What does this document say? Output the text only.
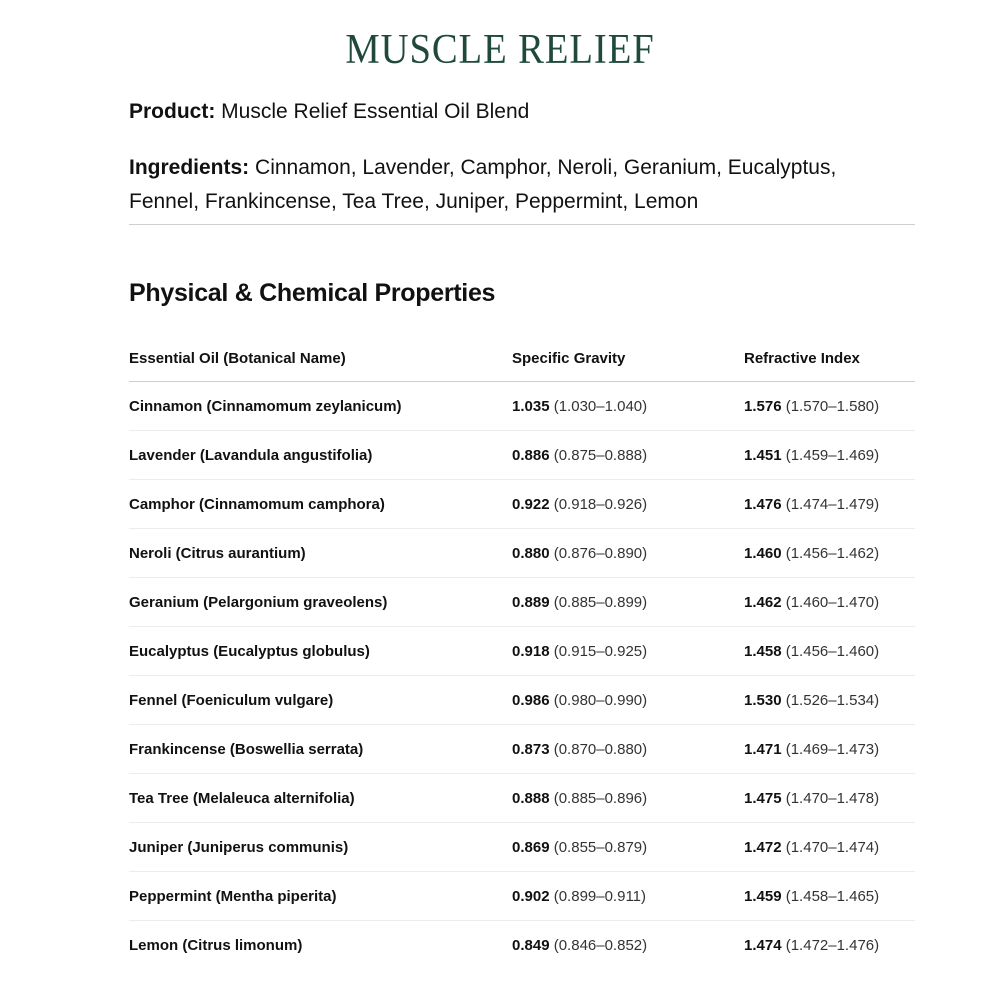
MUSCLE RELIEF

Product: Muscle Relief Essential Oil Blend

Ingredients: Cinnamon, Lavender, Camphor, Neroli, Geranium, Eucalyptus, Fennel, Frankincense, Tea Tree, Juniper, Peppermint, Lemon

Physical & Chemical Properties
Essential Oil (Botanical Name)	Specific Gravity	Refractive Index
Cinnamon (Cinnamomum zeylanicum)	1.035 (1.030–1.040)	1.576 (1.570–1.580)
Lavender (Lavandula angustifolia)	0.886 (0.875–0.888)	1.451 (1.459–1.469)
Camphor (Cinnamomum camphora)	0.922 (0.918–0.926)	1.476 (1.474–1.479)
Neroli (Citrus aurantium)	0.880 (0.876–0.890)	1.460 (1.456–1.462)
Geranium (Pelargonium graveolens)	0.889 (0.885–0.899)	1.462 (1.460–1.470)
Eucalyptus (Eucalyptus globulus)	0.918 (0.915–0.925)	1.458 (1.456–1.460)
Fennel (Foeniculum vulgare)	0.986 (0.980–0.990)	1.530 (1.526–1.534)
Frankincense (Boswellia serrata)	0.873 (0.870–0.880)	1.471 (1.469–1.473)
Tea Tree (Melaleuca alternifolia)	0.888 (0.885–0.896)	1.475 (1.470–1.478)
Juniper (Juniperus communis)	0.869 (0.855–0.879)	1.472 (1.470–1.474)
Peppermint (Mentha piperita)	0.902 (0.899–0.911)	1.459 (1.458–1.465)
Lemon (Citrus limonum)	0.849 (0.846–0.852)	1.474 (1.472–1.476)
